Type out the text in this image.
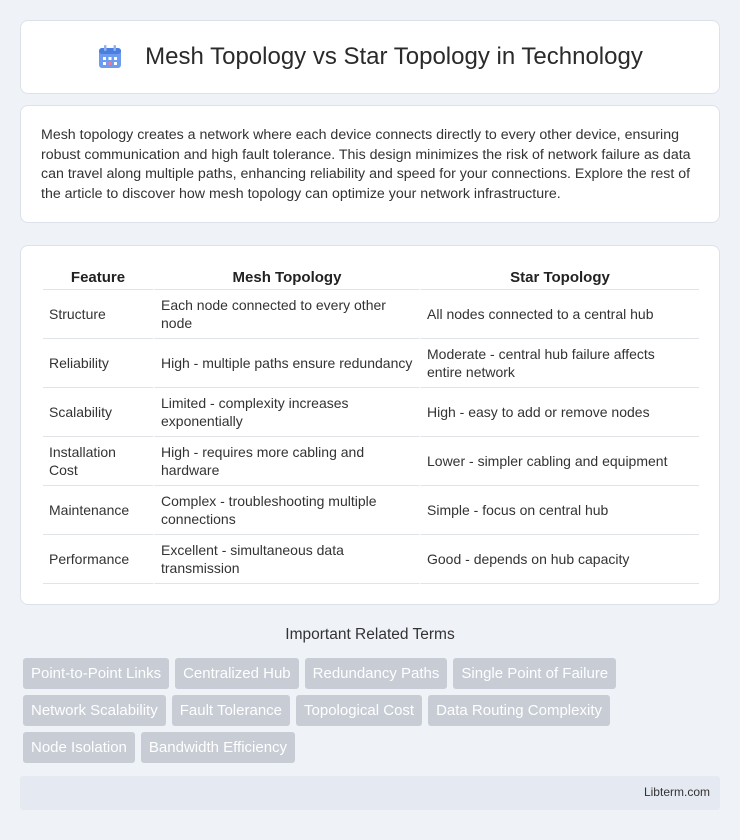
Mesh Topology vs Star Topology in Technology

Mesh topology creates a network where each device connects directly to every other device, ensuring robust communication and high fault tolerance. This design minimizes the risk of network failure as data can travel along multiple paths, enhancing reliability and speed for your connections. Explore the rest of the article to discover how mesh topology can optimize your network infrastructure.

Feature	Mesh Topology	Star Topology
Structure	Each node connected to every other node	All nodes connected to a central hub
Reliability	High - multiple paths ensure redundancy	Moderate - central hub failure affects entire network
Scalability	Limited - complexity increases exponentially	High - easy to add or remove nodes
Installation Cost	High - requires more cabling and hardware	Lower - simpler cabling and equipment
Maintenance	Complex - troubleshooting multiple connections	Simple - focus on central hub
Performance	Excellent - simultaneous data transmission	Good - depends on hub capacity
Important Related Terms
Point-to-Point Links	Centralized Hub	Redundancy Paths	Single Point of Failure
Network Scalability	Fault Tolerance	Topological Cost	Data Routing Complexity
Node Isolation	Bandwidth Efficiency
Libterm.com
